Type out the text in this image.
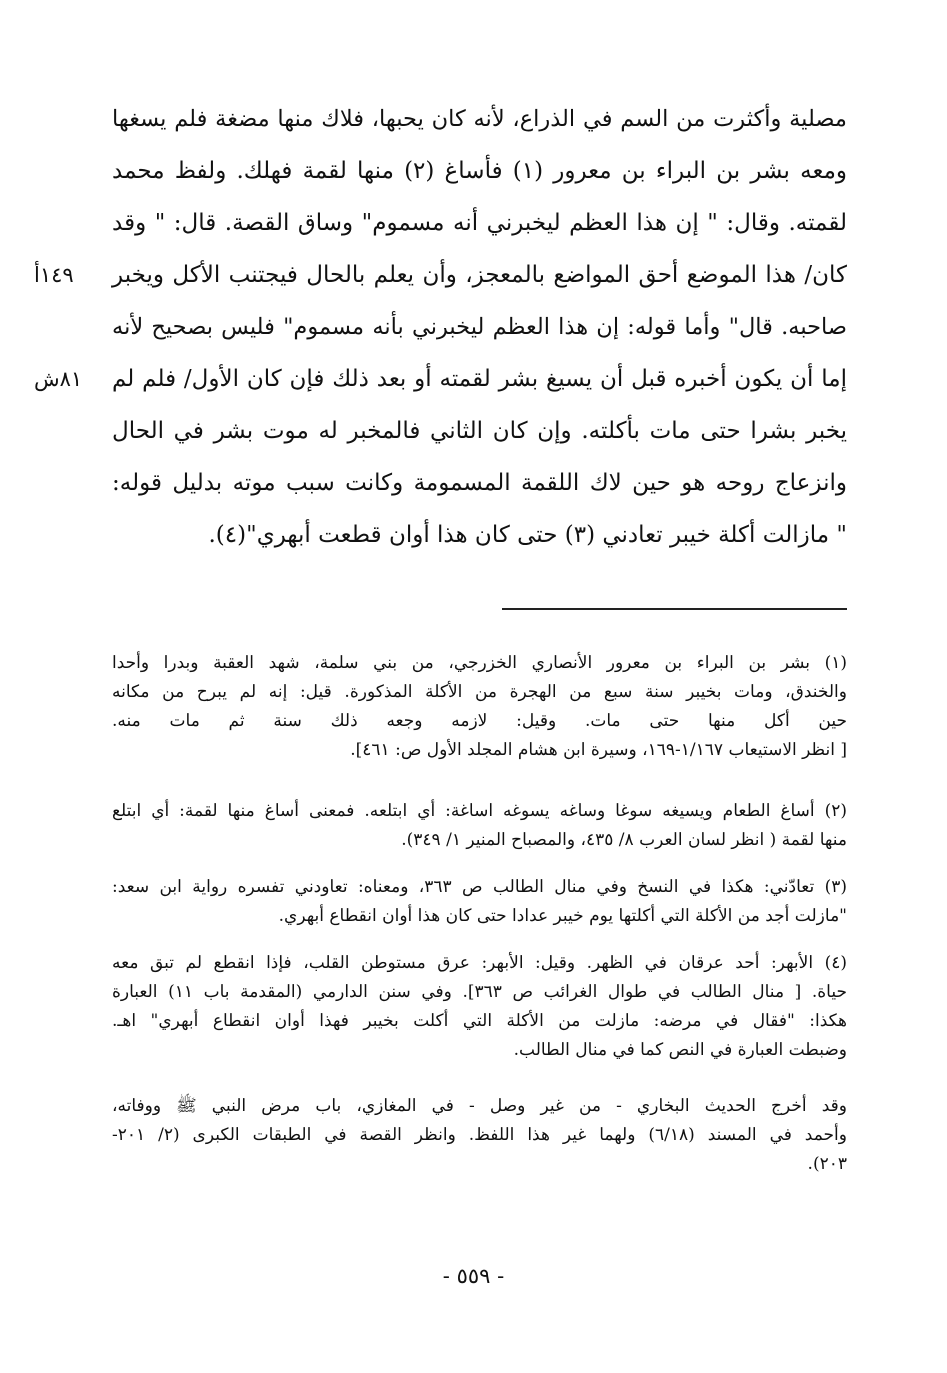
مصلية وأكثرت من السم في الذراع، لأنه كان يحبها، فلاك منها مضغة فلم يسغها
ومعه بشر بن البراء بن معرور (١) فأساغ (٢) منها لقمة فهلك. ولفظ محمد
لقمته. وقال: " إن هذا العظم ليخبرني أنه مسموم" وساق القصة. قال: " وقد
كان/ هذا الموضع أحق المواضع بالمعجز، وأن يعلم بالحال فيجتنب الأكل ويخبر
صاحبه. قال" وأما قوله: إن هذا العظم ليخبرني بأنه مسموم" فليس بصحيح لأنه
إما أن يكون أخبره قبل أن يسيغ بشر لقمته أو بعد ذلك فإن كان الأول/ فلم لم
يخبر بشرا حتى مات بأكلته. وإن كان الثاني فالمخبر له موت بشر في الحال
وانزعاج روحه هو حين لاك اللقمة المسمومة وكانت سبب موته بدليل قوله:
" مازالت أكلة خيبر تعادني (٣) حتى كان هذا أوان قطعت أبهري"(٤).
١٤٩أ
٨١ش
(١) بشر بن البراء بن معرور الأنصاري الخزرجي، من بني سلمة، شهد العقبة وبدرا وأحدا
والخندق، ومات بخيبر سنة سبع من الهجرة من الأكلة المذكورة. قيل: إنه لم يبرح من مكانه
حين أكل منها حتى مات. وقيل: لازمه وجعه ذلك سنة ثم مات منه.
[ انظر الاستيعاب ١/١٦٧-١٦٩، وسيرة ابن هشام المجلد الأول ص: ٤٦١].
(٢) أساغ الطعام ويسيغه سوغا وساغه يسوغه اساغة: أي ابتلعه. فمعنى أساغ منها لقمة: أي ابتلع
منها لقمة ( انظر لسان العرب ٨/ ٤٣٥، والمصباح المنير ١/ ٣٤٩).
(٣) تعادّني: هكذا في النسخ وفي منال الطالب ص ٣٦٣، ومعناه: تعاودني تفسره رواية ابن سعد:
"مازلت أجد من الأكلة التي أكلتها يوم خيبر عدادا حتى كان هذا أوان انقطاع أبهري.
(٤) الأبهر: أحد عرقان في الظهر. وقيل: الأبهر: عرق مستوطن القلب، فإذا انقطع لم تبق معه
حياة. [ منال الطالب في طوال الغرائب ص ٣٦٣]. وفي سنن الدارمي (المقدمة باب ١١) العبارة
هكذا: "فقال في مرضه: مازلت من الأكلة التي أكلت بخيبر فهذا أوان انقطاع أبهري" اهـ.
وضبطت العبارة في النص كما في منال الطالب.
وقد أخرج الحديث البخاري - من غير وصل - في المغازي، باب مرض النبي ﷺ ووفاته،
وأحمد في المسند (٦/١٨) ولهما غير هذا اللفظ. وانظر القصة في الطبقات الكبرى (٢/ ٢٠١-
٢٠٣).
- ٥٥٩ -
